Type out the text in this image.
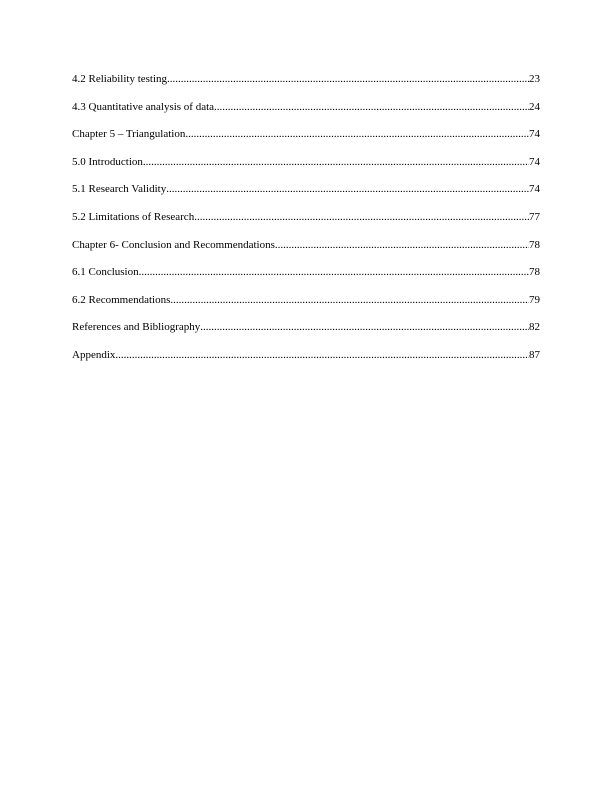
4.2 Reliability testing .....	23
4.3 Quantitative analysis of data .....	24
Chapter 5 – Triangulation .....	74
5.0 Introduction .....	74
5.1 Research Validity .....	74
5.2 Limitations of Research .....	77
Chapter 6- Conclusion and Recommendations .....	78
6.1 Conclusion .....	78
6.2 Recommendations .....	79
References and Bibliography .....	82
Appendix .....	87
